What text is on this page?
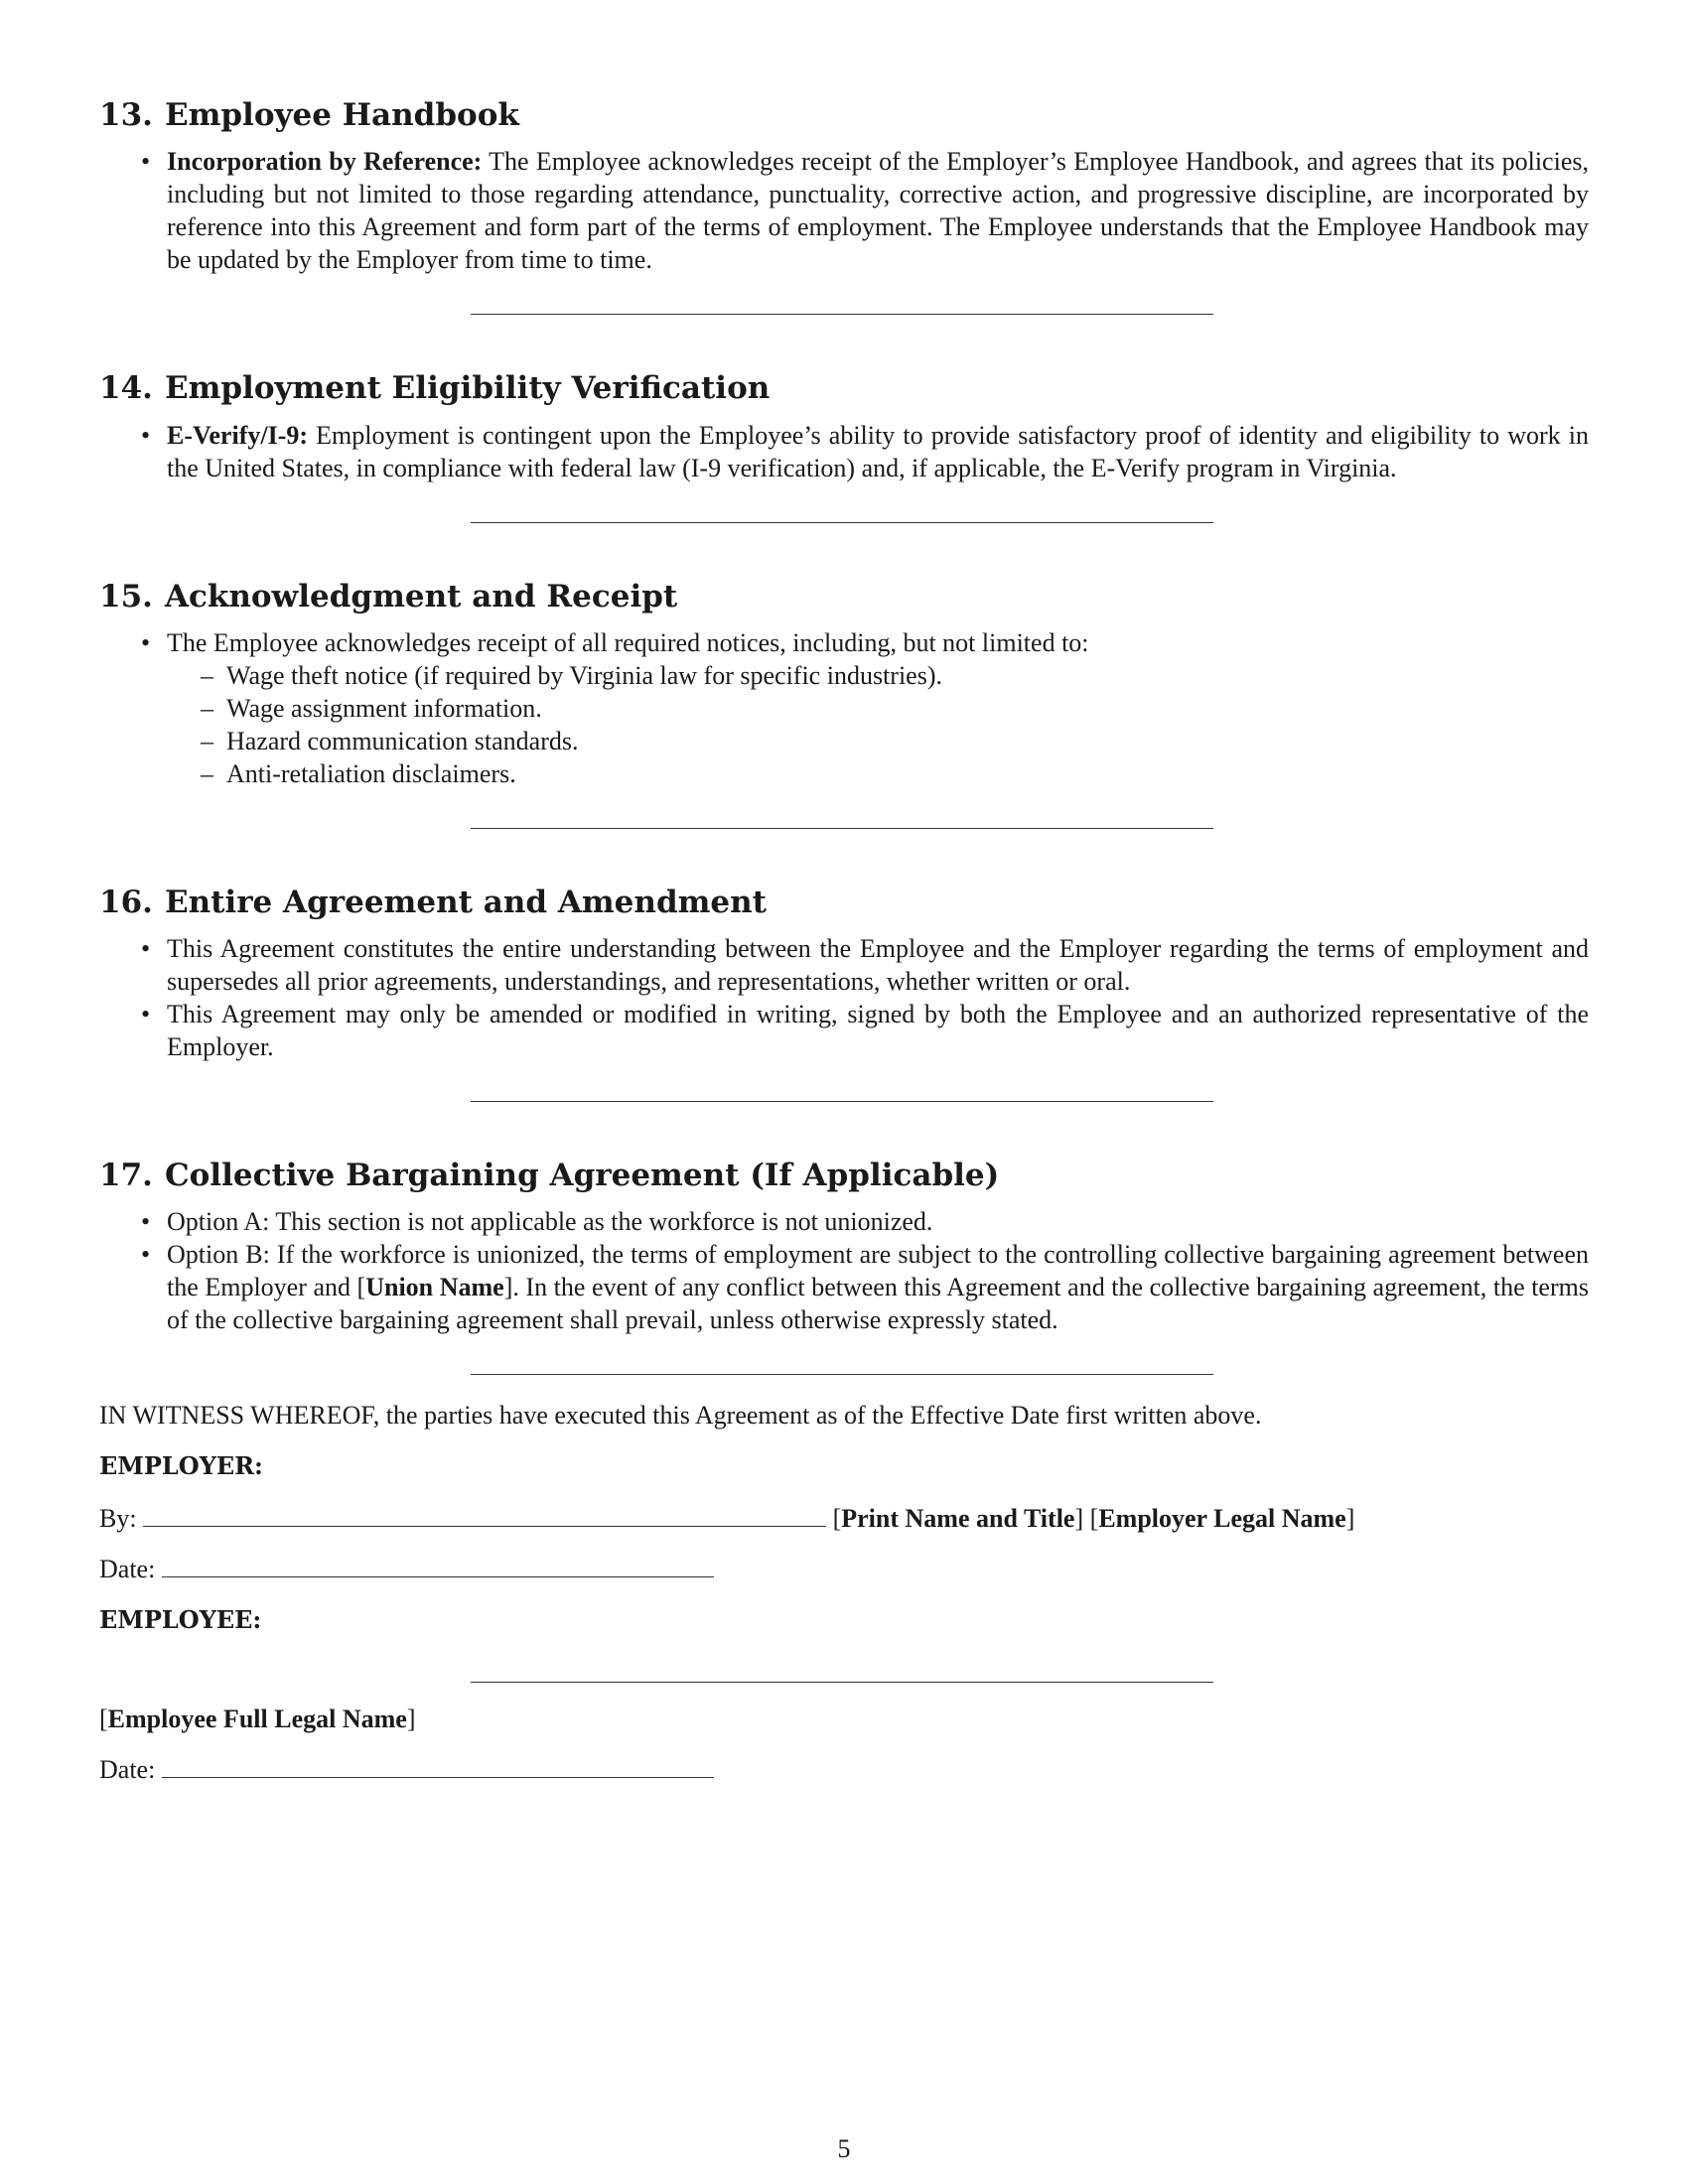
13. Employee Handbook
• Incorporation by Reference: The Employee acknowledges receipt of the Employer’s Employee Handbook, and agrees that its policies, including but not limited to those regarding attendance, punctuality, corrective action, and progressive discipline, are incorporated by reference into this Agreement and form part of the terms of employment. The Employee understands that the Employee Handbook may be updated by the Employer from time to time.
14. Employment Eligibility Verification
• E-Verify/I-9: Employment is contingent upon the Employee’s ability to provide satisfactory proof of identity and eligibility to work in the United States, in compliance with federal law (I-9 verification) and, if applicable, the E-Verify program in Virginia.
15. Acknowledgment and Receipt
• The Employee acknowledges receipt of all required notices, including, but not limited to:
– Wage theft notice (if required by Virginia law for specific industries).
– Wage assignment information.
– Hazard communication standards.
– Anti-retaliation disclaimers.
16. Entire Agreement and Amendment
• This Agreement constitutes the entire understanding between the Employee and the Employer regarding the terms of employment and supersedes all prior agreements, understandings, and representations, whether written or oral.
• This Agreement may only be amended or modified in writing, signed by both the Employee and an authorized representative of the Employer.
17. Collective Bargaining Agreement (If Applicable)
• Option A: This section is not applicable as the workforce is not unionized.
• Option B: If the workforce is unionized, the terms of employment are subject to the controlling collective bargaining agreement between the Employer and [Union Name]. In the event of any conflict between this Agreement and the collective bargaining agreement, the terms of the collective bargaining agreement shall prevail, unless otherwise expressly stated.
IN WITNESS WHEREOF, the parties have executed this Agreement as of the Effective Date first written above.
EMPLOYER:
By:	[Print Name and Title] [Employer Legal Name]
Date:
EMPLOYEE:
[Employee Full Legal Name]
Date:
5
